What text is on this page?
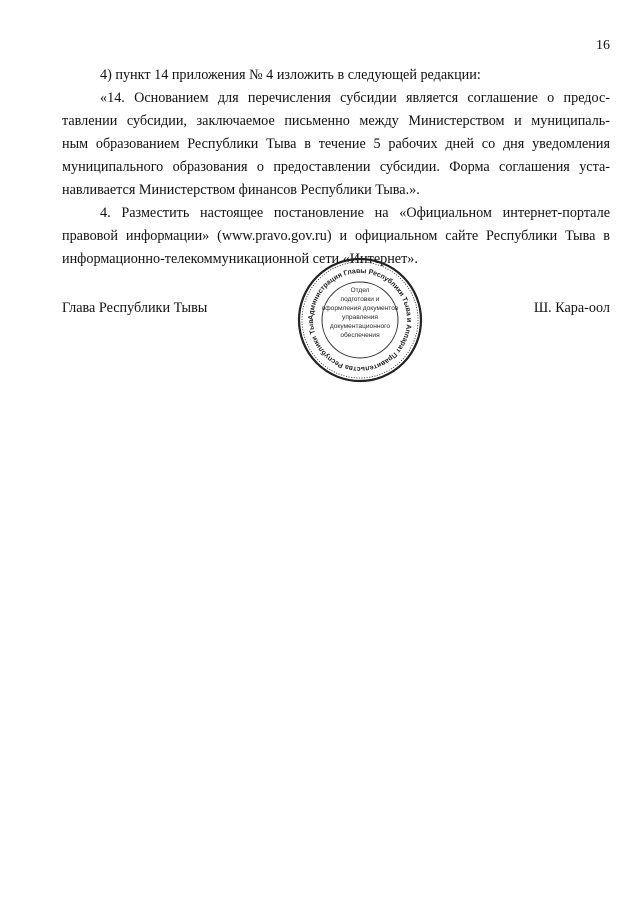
16
4) пункт 14 приложения № 4 изложить в следующей редакции:
«14. Основанием для перечисления субсидии является соглашение о предос-
тавлении субсидии, заключаемое письменно между Министерством и муниципаль-
ным образованием Республики Тыва в течение 5 рабочих дней со дня уведомления
муниципального образования о предоставлении субсидии. Форма соглашения уста-
навливается Министерством финансов Республики Тыва.».
4. Разместить настоящее постановление на «Официальном интернет-портале
правовой информации» (www.pravo.gov.ru) и официальном сайте Республики Тыва в
информационно-телекоммуникационной сети «Интернет».
Глава Республики Тывы	Ш. Кара-оол
Администрация Главы Республики Тыва и Аппарат Правительства Республики Тыв
Отдел
подготовки и
оформления документов
управления
документационного
обеспечения
